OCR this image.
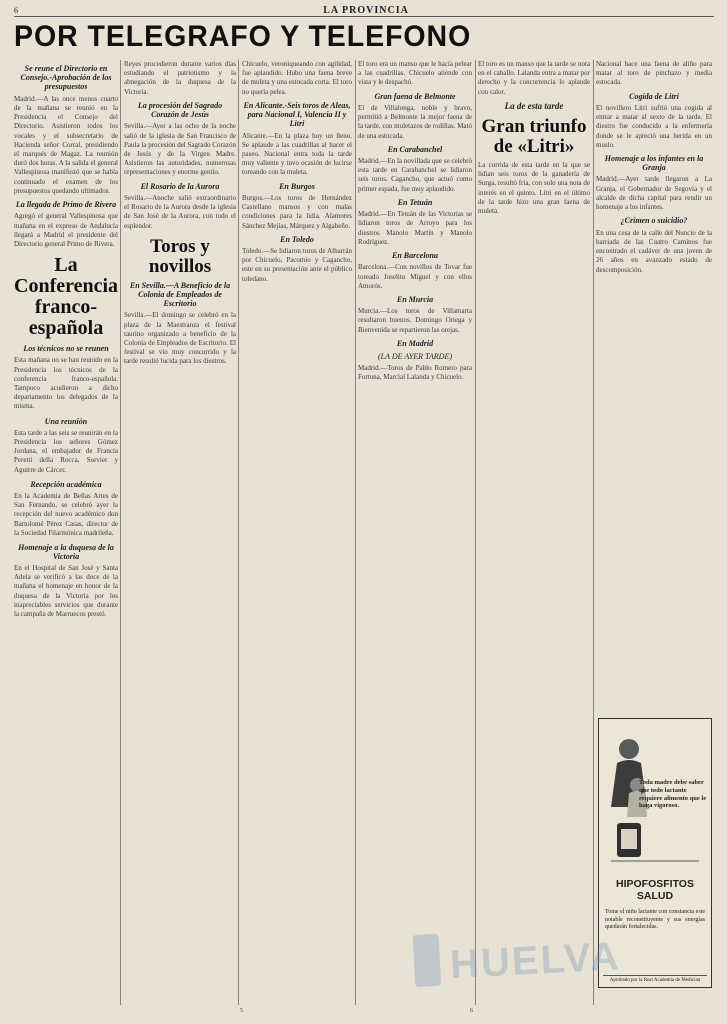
6	LA PROVINCIA
POR TELEGRAFO Y TELEFONO
Se reune el Directorio en Consejo.-Aprobación de los presupuestos

Madrid.—A las once menos cuarto de la mañana se reunió en la Presidencia el Consejo del Directorio. Asistieron todos los vocales y el subsecretario de Hacienda señor Corral, presidiendo el marqués de Magaz. La reunión duró dos horas. A la salida el general Vallespinosa manifestó que se había continuado el examen de los presupuestos quedando ultimados.

La llegada de Primo de Rivera

Agregó el general Vallespinosa que mañana en el expreso de Andalucía llegará a Madrid el presidente del Directorio general Primo de Rivera.

La Conferencia franco-española
Los técnicos no se reunen

Esta mañana no se han reunido en la Presidencia los técnicos de la conferencia franco-española. Tampoco acudieron a dicho departamento los delegados de la misma.

Una reunión

Esta tarde a las seis se reunirán en la Presidencia los señores Gómez Jordana, el embajador de Francia Peretti della Rocca, Sorvier y Aguirre de Cárcer.

Recepción académica

En la Academia de Bellas Artes de San Fernando, se celebró ayer la recepción del nuevo académico don Bartolomé Pérez Casas, director de la Sociedad Filarmónica madrileña.

Homenaje a la duquesa de la Victoria

En el Hospital de San José y Santa Adela se verificó a las doce de la mañana el homenaje en honor de la duquesa de la Victoria por los inapreciables servicios que durante la campaña de Marruecos prestó.

Reyes procedieron durante varios días estudiando el patriotismo y la abnegación de la duquesa de la Victoria.

La procesión del Sagrado Corazón de Jesús

Sevilla.—Ayer a las ocho de la noche salió de la iglesia de San Francisco de Paula la procesión del Sagrado Corazón de Jesús y de la Virgen Madre. Asistieron las autoridades, numerosas representaciones y enorme gentío.

El Rosario de la Aurora

Sevilla.—Anoche salió extraordinario el Rosario de la Aurora desde la iglesia de San José de la Aurora, con todo el esplendor.

Toros y novillos
En Sevilla.—A Beneficio de la Colonia de Empleados de Escritorio

Sevilla.—El domingo se celebró en la plaza de la Maestranza el festival taurino organizado a beneficio de la Colonia de Empleados de Escritorio. El festival se vio muy concurrido y la tarde resultó lucida para los diestros.

Chicuelo, veroniqueando con agilidad, fue aplaudido. Hubo una faena breve de muleta y una estocada corta. El toro no quería pelea.

En Alicante.-Seis toros de Aleas, para Nacional I, Valencia II y Litri

Alicante.—En la plaza hoy un lleno. Se aplaude a las cuadrillas al hacer el paseo. Nacional entra toda la tarde muy valiente y tuvo ocasión de lucirse toreando con la muleta.

En Burgos

Burgos.—Los toros de Hernández Castellano mansos y con malas condiciones para la lidia. Alamores Sánchez Mejías, Márquez y Algabeño.

En Toledo

Toledo.—Se lidiaron toros de Albarrán por Chicuelo, Pacomio y Cagancho, este en su presentación ante el público toledano.

El toro era un manso que le hacía pelear a las cuadrillas. Chicuelo atiende con vista y le despachó.

Gran faena de Belmonte

El de Villalonga, noble y bravo, permitió a Belmonte la mejor faena de la tarde, con muletazos de rodillas. Mató de una estocada.

En Carabanchel

Madrid.—En la novillada que se celebró esta tarde en Carabanchel se lidiaron seis toros. Cagancho, que actuó como primer espada, fue muy aplaudido.

En Tetuán

Madrid.—En Tetuán de las Victorias se lidiaron toros de Arroyo para los diestros Manolo Martín y Manolo Rodríguez.

En Barcelona

Barcelona.—Con novillos de Tovar fue toreado Joselito Miguel y con ellos Amorós.

En Murcia

Murcia.—Los toros de Villamarta resultaron buenos. Domingo Ortega y Bienvenida se repartieron las orejas.

En Madrid
(LA DE AYER TARDE)

Madrid.—Toros de Pablo Romero para Fortuna, Marcial Lalanda y Chicuelo.

El toro es un manso que la tarde se nota en el caballo. Lalanda entra a matar por derecho y la concurrencia lo aplaude con calor.

La de esta tarde
Gran triunfo de «Litri»

La corrida de esta tarde en la que se lidian seis toros de la ganadería de Surga, resultó fría, con solo una nota de interés en el quinto. Litri en el último de la tarde hizo una gran faena de muleta.

Nacional hace una faena de aliño para matar al toro de pinchazo y media estocada.

Cogida de Litri

El novillero Litri sufrió una cogida al entrar a matar al sexto de la tarde. El diestro fue conducido a la enfermería donde se le apreció una herida en un muslo.

Homenaje a los infantes en la Granja

Madrid.—Ayer tarde llegaron a La Granja, el Gobernador de Segovia y el alcalde de dicha capital para rendir un homenaje a los infantes.

¿Crimen o suicidio?

En una cesa de la calle del Nuncio de la barriada de las Cuatro Caminos fue encontrado el cadáver de una joven de 26 años en avanzado estado de descomposición.

Toda madre debe saber que todo lactante requiere alimento que le haga vigoroso.
HIPOFOSFITOS
SALUD
Tome el niño lactante con constancia este notable reconstituyente y sus energías quedarán fortalecidas.
Aprobado por la Real Academia de Medicina
HUELVA
5	6
